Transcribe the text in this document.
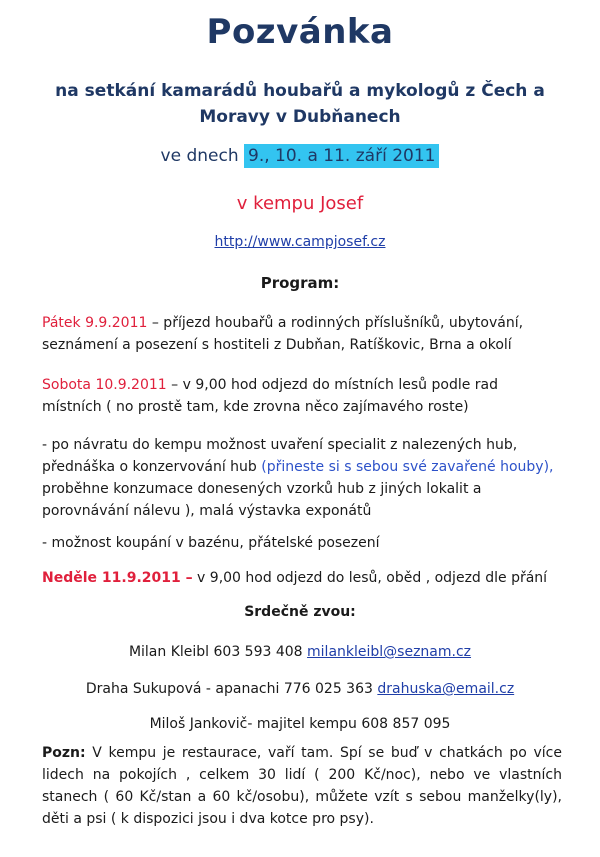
Pozvánka
na setkání kamarádů houbařů a mykologů z Čech a
Moravy v Dubňanech
ve dnech 9., 10. a 11. září 2011
v kempu Josef
http://www.campjosef.cz
Program:
Pátek 9.9.2011 – příjezd houbařů a rodinných příslušníků, ubytování, seznámení a posezení s hostiteli z Dubňan, Ratíškovic, Brna a okolí
Sobota 10.9.2011 – v 9,00 hod odjezd do místních lesů podle rad místních ( no prostě tam, kde zrovna něco zajímavého roste)
- po návratu do kempu možnost uvaření specialit z nalezených hub, přednáška o konzervování hub (přineste si s sebou své zavařené houby), proběhne konzumace donesených vzorků hub z jiných lokalit a porovnávání nálevu ), malá výstavka exponátů
- možnost koupání v bazénu, přátelské posezení
Neděle 11.9.2011 – v 9,00 hod odjezd do lesů, oběd , odjezd dle přání
Srdečně zvou:
Milan Kleibl 603 593 408 milankleibl@seznam.cz
Draha Sukupová - apanachi 776 025 363 drahuska@email.cz
Miloš Jankovič- majitel kempu 608 857 095
Pozn: V kempu je restaurace, vaří tam. Spí se buď v chatkách po více lidech na pokojích , celkem 30 lidí ( 200 Kč/noc), nebo ve vlastních stanech ( 60 Kč/stan a 60 kč/osobu), můžete vzít s sebou manželky(ly), děti a psi ( k dispozici jsou i dva kotce pro psy).
